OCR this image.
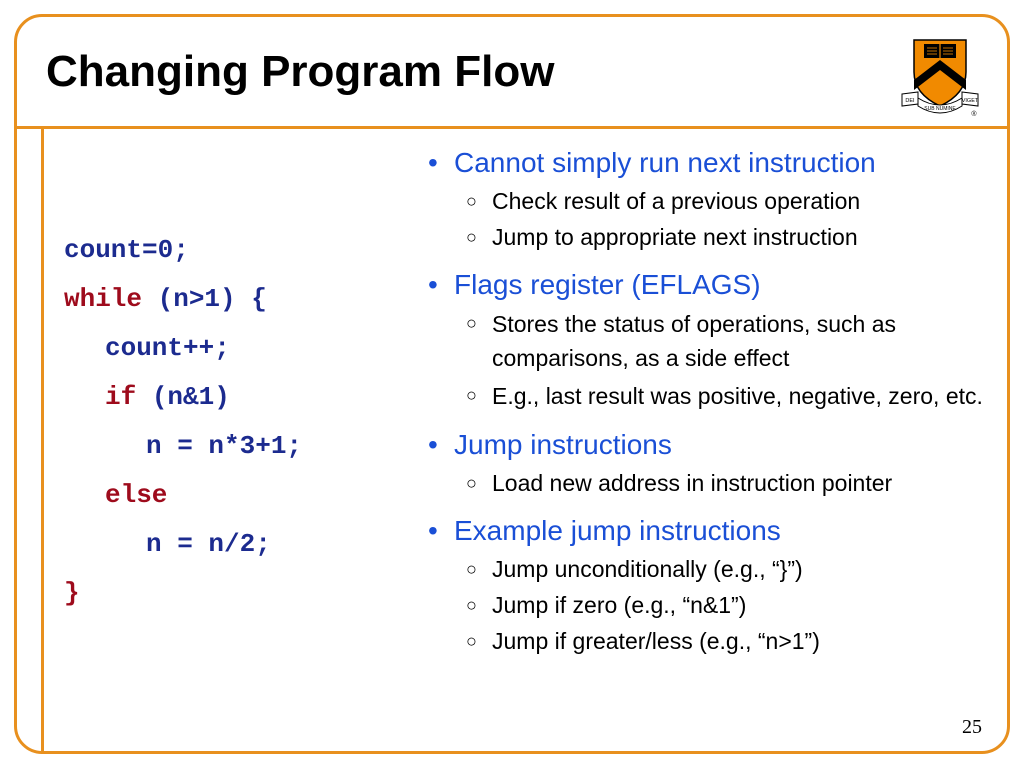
Changing Program Flow
DEI
SUB NUMINE
VIGET
®
count=0;
while (n>1) {
count++;
if (n&1)
n = n*3+1;
else
n = n/2;
}
• Cannot simply run next instruction
○ Check result of a previous operation
○ Jump to appropriate next instruction
• Flags register (EFLAGS)
○ Stores the status of operations, such as comparisons, as a side effect
○ E.g., last result was positive, negative, zero, etc.
• Jump instructions
○ Load new address in instruction pointer
• Example jump instructions
○ Jump unconditionally (e.g., “}”)
○ Jump if zero (e.g., “n&1”)
○ Jump if greater/less (e.g., “n>1”)
25
